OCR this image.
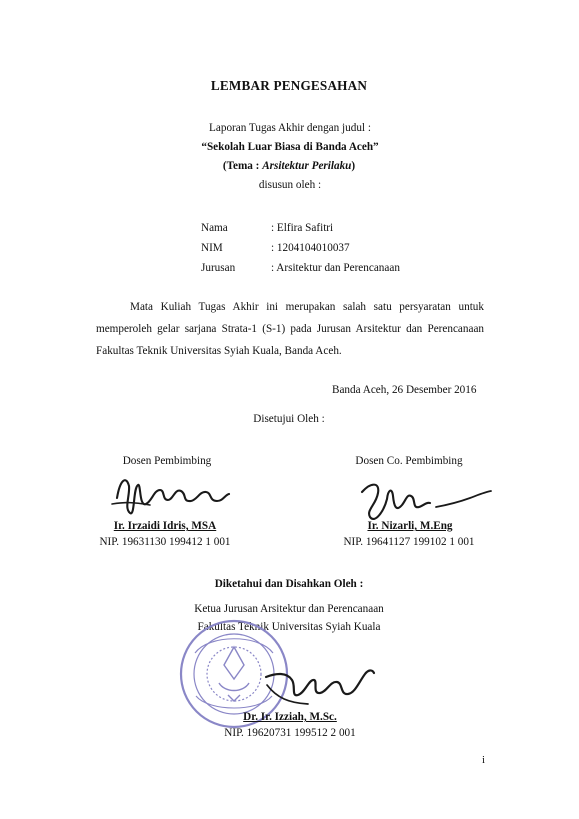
LEMBAR PENGESAHAN
Laporan Tugas Akhir dengan judul :
“Sekolah Luar Biasa di Banda Aceh”
(Tema : Arsitektur Perilaku)
disusun oleh :
Nama	: Elfira Safitri
NIM	: 1204104010037
Jurusan	: Arsitektur dan Perencanaan
Mata Kuliah Tugas Akhir ini merupakan salah satu persyaratan untuk memperoleh gelar sarjana Strata-1 (S-1) pada Jurusan Arsitektur dan Perencanaan Fakultas Teknik Universitas Syiah Kuala, Banda Aceh.
Banda Aceh, 26 Desember 2016
Disetujui Oleh :
Dosen Pembimbing	Dosen Co. Pembimbing
Ir. Irzaidi Idris, MSA	Ir. Nizarli, M.Eng
NIP. 19631130 199412 1 001	NIP. 19641127 199102 1 001
Diketahui dan Disahkan Oleh :
Ketua Jurusan Arsitektur dan Perencanaan
Fakultas Teknik Universitas Syiah Kuala
Dr. Ir. Izziah, M.Sc.
NIP. 19620731 199512 2 001
i
